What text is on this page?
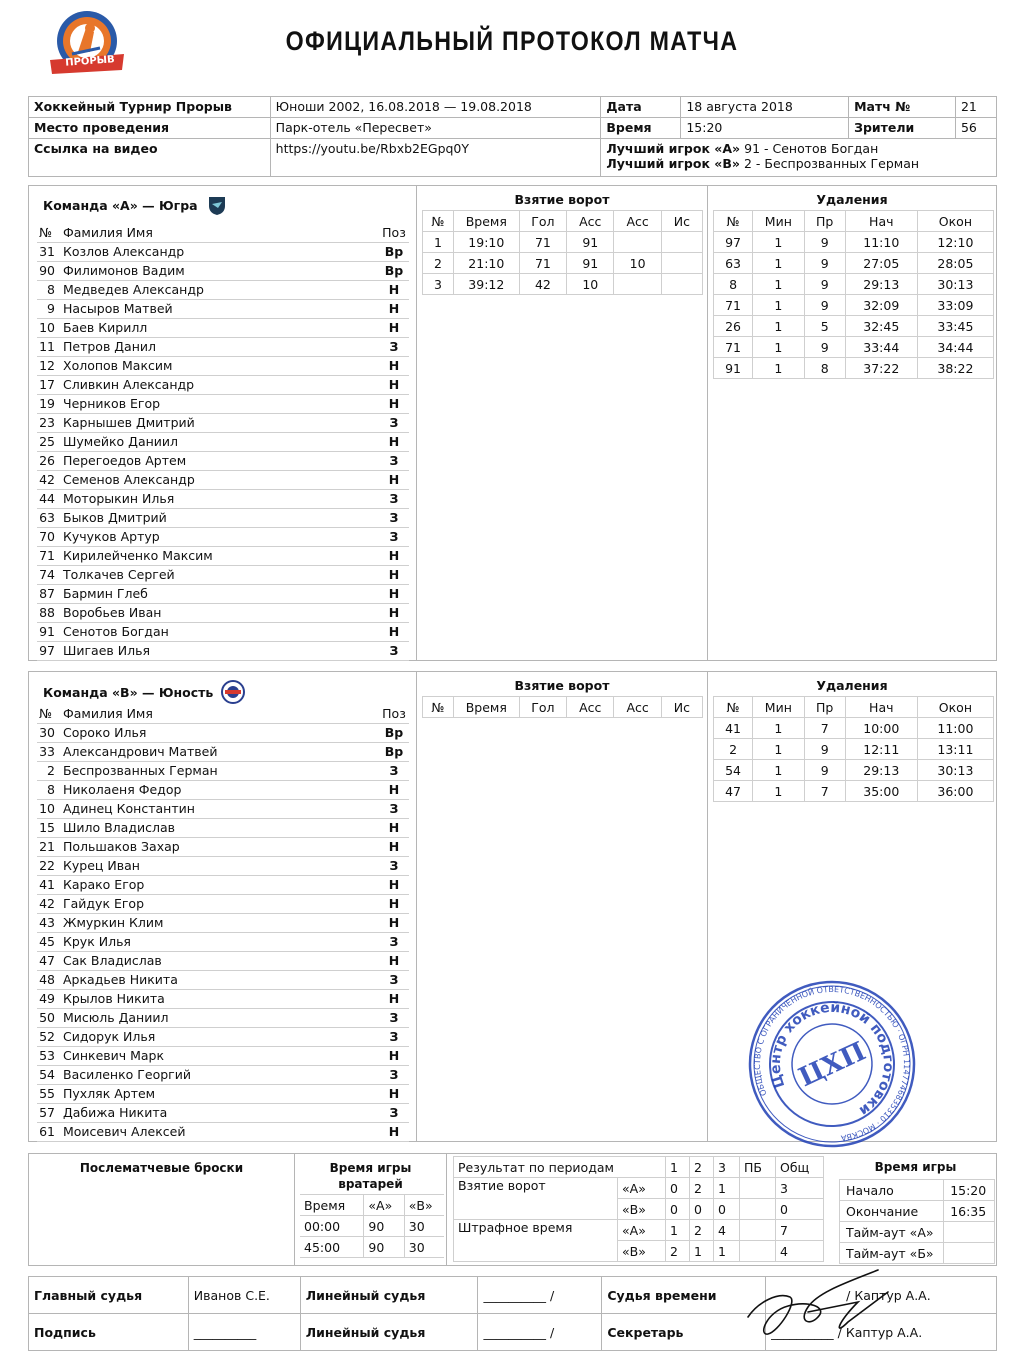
ПРОРЫВ
ОФИЦИАЛЬНЫЙ ПРОТОКОЛ МАТЧА
Хоккейный Турнир Прорыв	Юноши 2002, 16.08.2018 — 19.08.2018	Дата	18 августа 2018	Матч №	21
Место проведения	Парк-отель «Пересвет»	Время	15:20	Зрители	56
Ссылка на видео	https://youtu.be/Rbxb2EGpq0Y	Лучший игрок «А» 91 - Сенотов Богдан
Лучший игрок «В» 2 - Беспрозванных Герман			
Команда «А» — Югра
№	Фамилия Имя	Поз
31	Козлов Александр	Вр
90	Филимонов Вадим	Вр
8	Медведев Александр	Н
9	Насыров Матвей	Н
10	Баев Кирилл	Н
11	Петров Данил	З
12	Холопов Максим	Н
17	Сливкин Александр	Н
19	Черников Егор	Н
23	Карнышев Дмитрий	З
25	Шумейко Даниил	Н
26	Перегоедов Артем	З
42	Семенов Александр	Н
44	Моторыкин Илья	З
63	Быков Дмитрий	З
70	Кучуков Артур	З
71	Кирилейченко Максим	Н
74	Толкачев Сергей	Н
87	Бармин Глеб	Н
88	Воробьев Иван	Н
91	Сенотов Богдан	Н
97	Шигаев Илья	З
Взятие ворот
№	Время	Гол	Асс	Асс	Ис
1	19:10	71	91		
2	21:10	71	91	10	
3	39:12	42	10		
Удаления
№	Мин	Пр	Нач	Окон
97	1	9	11:10	12:10
63	1	9	27:05	28:05
8	1	9	29:13	30:13
71	1	9	32:09	33:09
26	1	5	32:45	33:45
71	1	9	33:44	34:44
91	1	8	37:22	38:22
Команда «В» — Юность
№	Фамилия Имя	Поз
30	Сороко Илья	Вр
33	Александрович Матвей	Вр
2	Беспрозванных Герман	З
8	Николаеня Федор	Н
10	Адинец Константин	З
15	Шило Владислав	Н
21	Польшаков Захар	Н
22	Курец Иван	З
41	Карако Егор	Н
42	Гайдук Егор	Н
43	Жмуркин Клим	Н
45	Крук Илья	З
47	Сак Владислав	Н
48	Аркадьев Никита	З
49	Крылов Никита	Н
50	Мисюль Даниил	З
52	Сидорук Илья	З
53	Синкевич Марк	Н
54	Василенко Георгий	З
55	Пухляк Артем	Н
57	Дабижа Никита	З
61	Моисевич Алексей	Н
Взятие ворот
№	Время	Гол	Асс	Асс	Ис
Удаления
№	Мин	Пр	Нач	Окон
41	1	7	10:00	11:00
2	1	9	12:11	13:11
54	1	9	29:13	30:13
47	1	7	35:00	36:00
ОБЩЕСТВО С ОГРАНИЧЕННОЙ ОТВЕТСТВЕННОСТЬЮ · ОГРН 1147746835310 · МОСКВА
Центр хоккейной подготовки
ЦХП
Послематчевые броски	Время игры
вратарей
Время	«А»	«В»
00:00	90	30
45:00	90	30
Результат по периодам		1	2	3	ПБ	Общ
Взятие ворот	«А»	0	2	1		3
	«В»	0	0	0		0
Штрафное время	«А»	1	2	4		7
	«В»	2	1	1		4
Время игры
Начало	15:20
Окончание	16:35
Тайм-аут «А»	
Тайм-аут «Б»	
Главный судья	Иванов С.Е.	Линейный судья	__________ /	Судья времени	/ Каптур А.А.
Подпись	__________	Линейный судья	__________ /	Секретарь	__________ / Каптур А.А.
